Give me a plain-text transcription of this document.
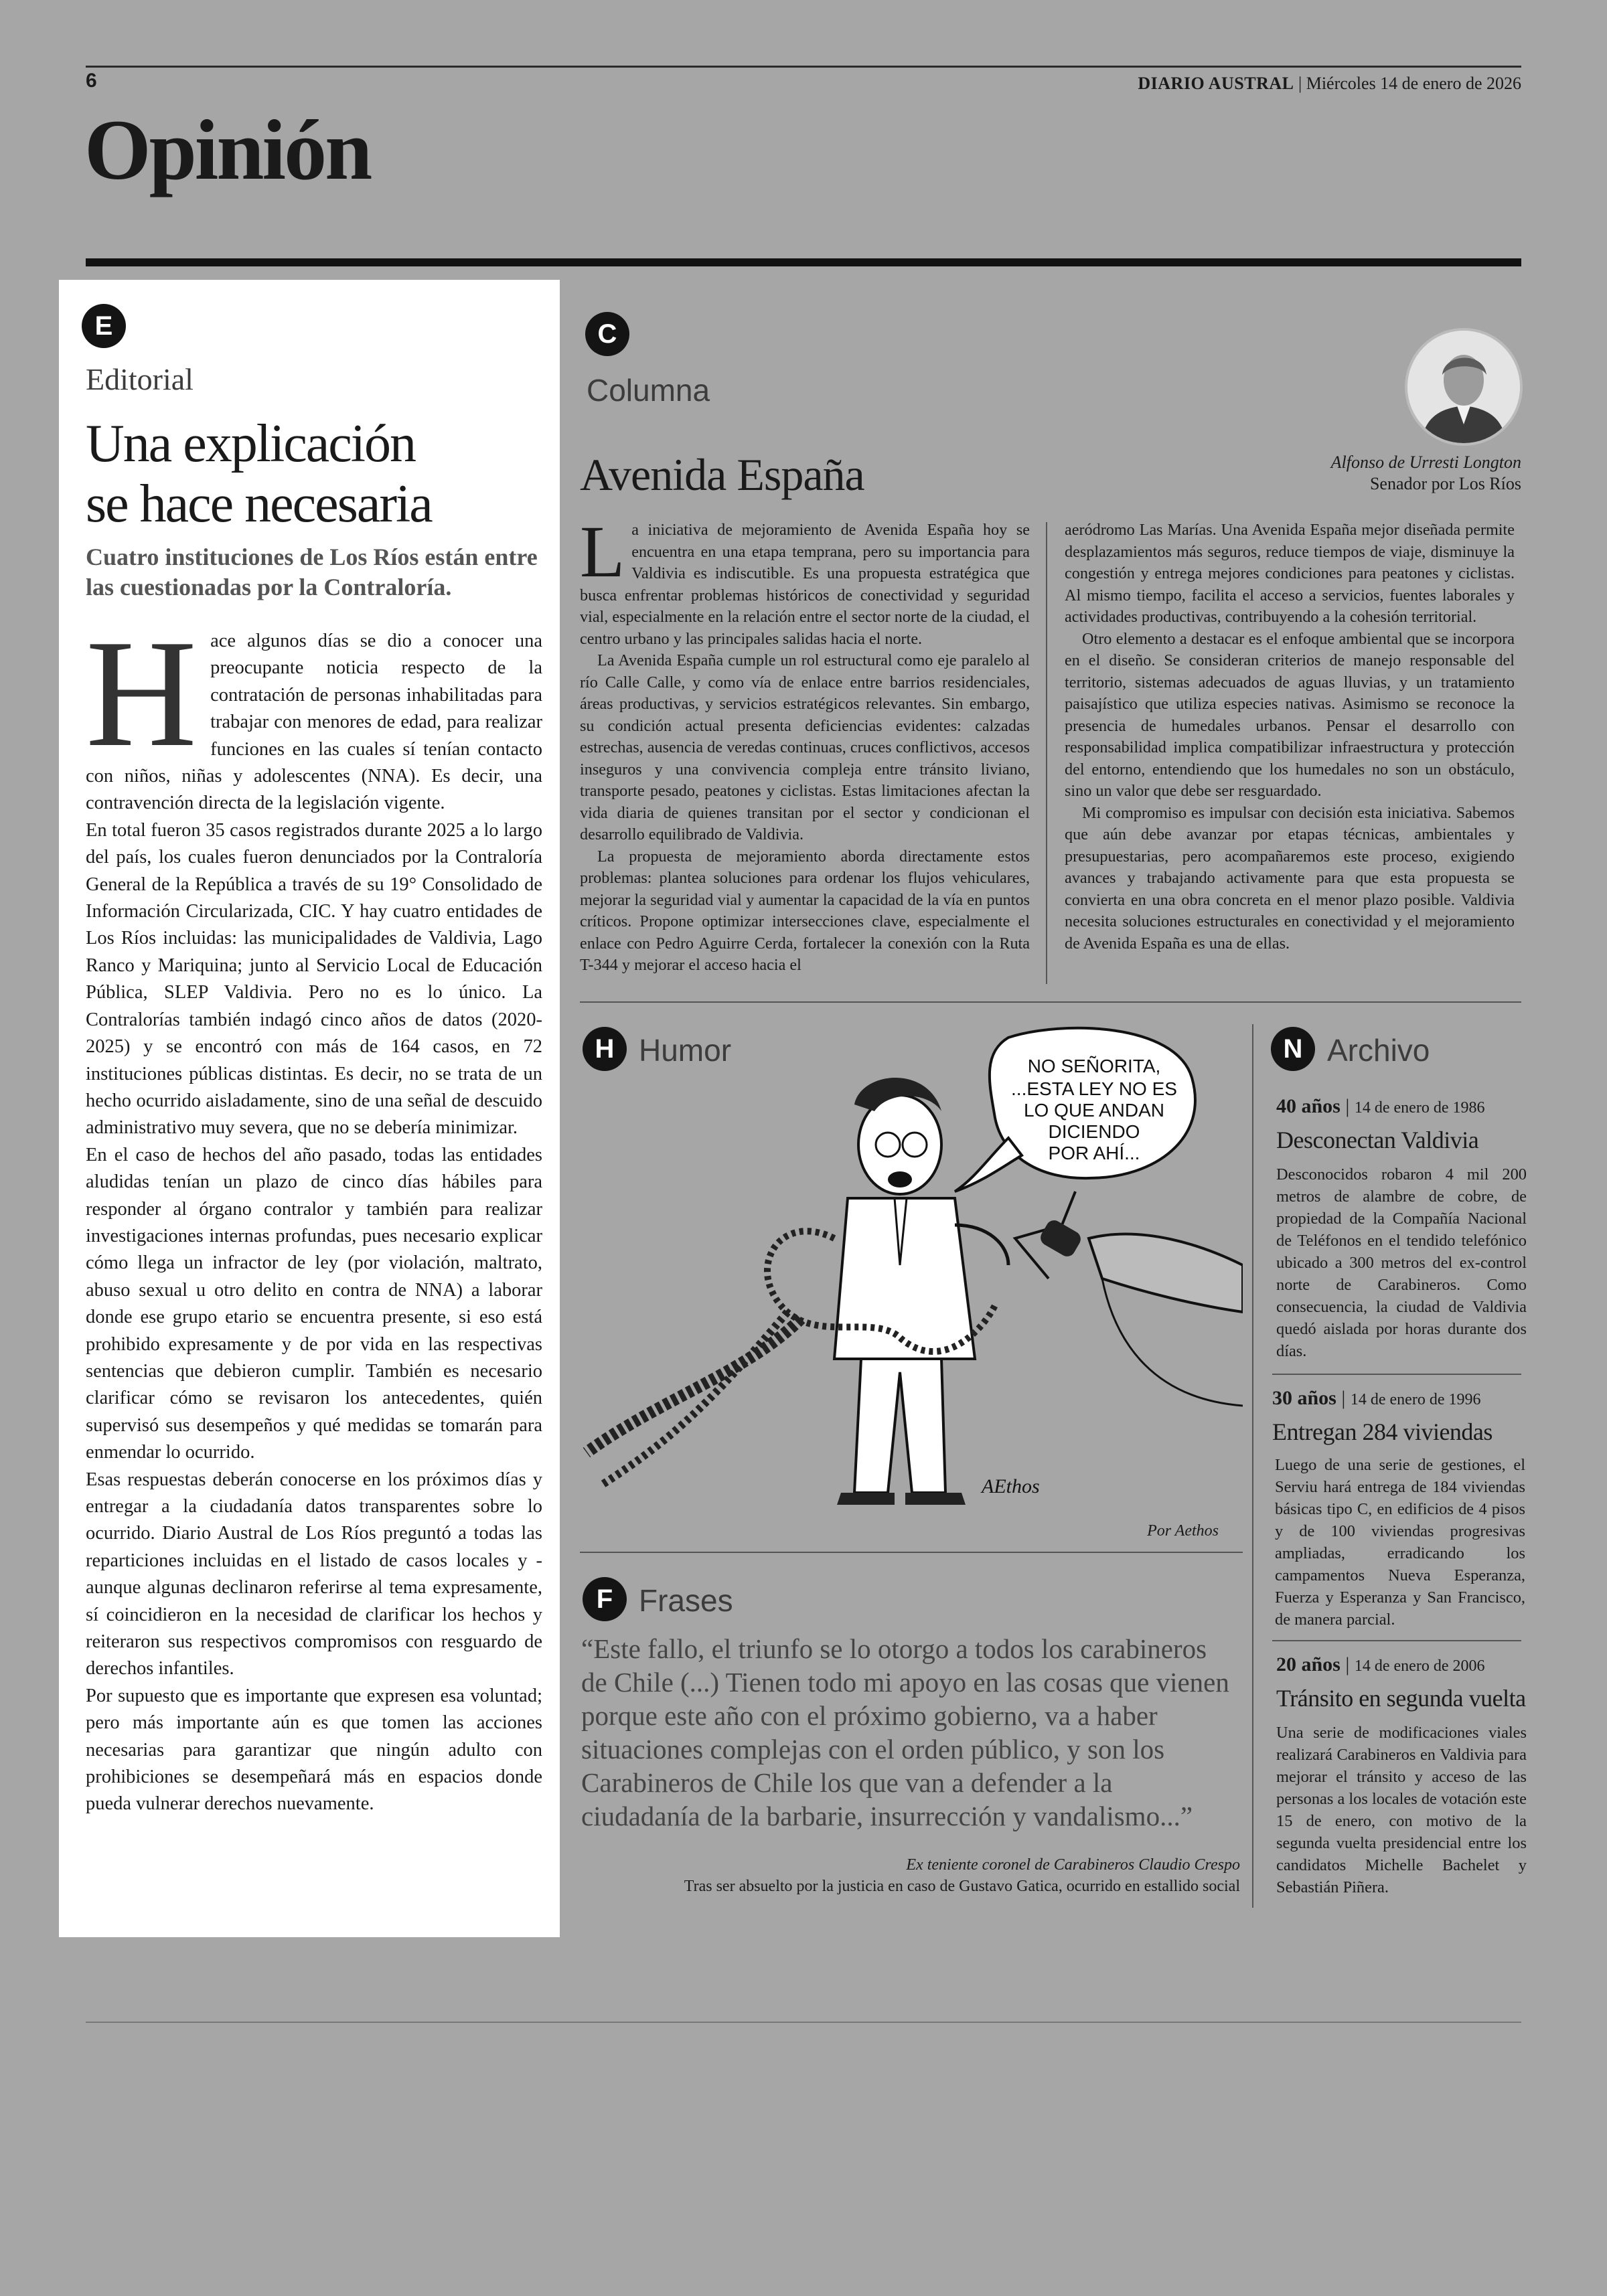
6	DIARIO AUSTRAL | Miércoles 14 de enero de 2026
Opinión
E
Editorial
Una explicación
se hace necesaria
Cuatro instituciones de Los Ríos están entre las cuestionadas por la Contraloría.

Hace algunos días se dio a conocer una preocupante noticia respecto de la contratación de personas inhabilitadas para trabajar con menores de edad, para realizar funciones en las cuales sí tenían contacto con niños, niñas y adolescentes (NNA). Es decir, una contravención directa de la legislación vigente.

En total fueron 35 casos registrados durante 2025 a lo largo del país, los cuales fueron denunciados por la Contraloría General de la República a través de su 19° Consolidado de Información Circularizada, CIC. Y hay cuatro entidades de Los Ríos incluidas: las municipalidades de Valdivia, Lago Ranco y Mariquina; junto al Servicio Local de Educación Pública, SLEP Valdivia. Pero no es lo único. La Contralorías también indagó cinco años de datos (2020-2025) y se encontró con más de 164 casos, en 72 instituciones públicas distintas. Es decir, no se trata de un hecho ocurrido aisladamente, sino de una señal de descuido administrativo muy severa, que no se debería minimizar.

En el caso de hechos del año pasado, todas las entidades aludidas tenían un plazo de cinco días hábiles para responder al órgano contralor y también para realizar investigaciones internas profundas, pues necesario explicar cómo llega un infractor de ley (por violación, maltrato, abuso sexual u otro delito en contra de NNA) a laborar donde ese grupo etario se encuentra presente, si eso está prohibido expresamente y de por vida en las respectivas sentencias que debieron cumplir. También es necesario clarificar cómo se revisaron los antecedentes, quién supervisó sus desempeños y qué medidas se tomarán para enmendar lo ocurrido.

Esas respuestas deberán conocerse en los próximos días y entregar a la ciudadanía datos transparentes sobre lo ocurrido. Diario Austral de Los Ríos preguntó a todas las reparticiones incluidas en el listado de casos locales y -aunque algunas declinaron referirse al tema expresamente, sí coincidieron en la necesidad de clarificar los hechos y reiteraron sus respectivos compromisos con resguardo de derechos infantiles.

Por supuesto que es importante que expresen esa voluntad; pero más importante aún es que tomen las acciones necesarias para garantizar que ningún adulto con prohibiciones se desempeñará más en espacios donde pueda vulnerar derechos nuevamente.

C
Columna
Avenida España	Alfonso de Urresti Longton
Senador por Los Ríos

La iniciativa de mejoramiento de Avenida España hoy se encuentra en una etapa temprana, pero su importancia para Valdivia es indiscutible. Es una propuesta estratégica que busca enfrentar problemas históricos de conectividad y seguridad vial, especialmente en la relación entre el sector norte de la ciudad, el centro urbano y las principales salidas hacia el norte.

La Avenida España cumple un rol estructural como eje paralelo al río Calle Calle, y como vía de enlace entre barrios residenciales, áreas productivas, y servicios estratégicos relevantes. Sin embargo, su condición actual presenta deficiencias evidentes: calzadas estrechas, ausencia de veredas continuas, cruces conflictivos, accesos inseguros y una convivencia compleja entre tránsito liviano, transporte pesado, peatones y ciclistas. Estas limitaciones afectan la vida diaria de quienes transitan por el sector y condicionan el desarrollo equilibrado de Valdivia.

La propuesta de mejoramiento aborda directamente estos problemas: plantea soluciones para ordenar los flujos vehiculares, mejorar la seguridad vial y aumentar la capacidad de la vía en puntos críticos. Propone optimizar intersecciones clave, especialmente el enlace con Pedro Aguirre Cerda, fortalecer la conexión con la Ruta T-344 y mejorar el acceso hacia el

aeródromo Las Marías. Una Avenida España mejor diseñada permite desplazamientos más seguros, reduce tiempos de viaje, disminuye la congestión y entrega mejores condiciones para peatones y ciclistas. Al mismo tiempo, facilita el acceso a servicios, fuentes laborales y actividades productivas, contribuyendo a la cohesión territorial.

Otro elemento a destacar es el enfoque ambiental que se incorpora en el diseño. Se consideran criterios de manejo responsable del territorio, sistemas adecuados de aguas lluvias, y un tratamiento paisajístico que utiliza especies nativas. Asimismo se reconoce la presencia de humedales urbanos. Pensar el desarrollo con responsabilidad implica compatibilizar infraestructura y protección del entorno, entendiendo que los humedales no son un obstáculo, sino un valor que debe ser resguardado.

Mi compromiso es impulsar con decisión esta iniciativa. Sabemos que aún debe avanzar por etapas técnicas, ambientales y presupuestarias, pero acompañaremos este proceso, exigiendo avances y trabajando activamente para que esta propuesta se convierta en una obra concreta en el menor plazo posible. Valdivia necesita soluciones estructurales en conectividad y el mejoramiento de Avenida España es una de ellas.

H Humor	NO SEÑORITA,
...ESTA LEY NO ES
LO QUE ANDAN
DICIENDO
POR AHÍ...
AEthos
Por Aethos
F Frases
“Este fallo, el triunfo se lo otorgo a todos los carabineros de Chile (...) Tienen todo mi apoyo en las cosas que vienen porque este año con el próximo gobierno, va a haber situaciones complejas con el orden público, y son los Carabineros de Chile los que van a defender a la ciudadanía de la barbarie, insurrección y vandalismo...”
Ex teniente coronel de Carabineros Claudio Crespo
Tras ser absuelto por la justicia en caso de Gustavo Gatica, ocurrido en estallido social
N Archivo
40 años | 14 de enero de 1986
Desconectan Valdivia
Desconocidos robaron 4 mil 200 metros de alambre de cobre, de propiedad de la Compañía Nacional de Teléfonos en el tendido telefónico ubicado a 300 metros del ex-control norte de Carabineros. Como consecuencia, la ciudad de Valdivia quedó aislada por horas durante dos días.
30 años | 14 de enero de 1996
Entregan 284 viviendas
Luego de una serie de gestiones, el Serviu hará entrega de 184 viviendas básicas tipo C, en edificios de 4 pisos y de 100 viviendas progresivas ampliadas, erradicando los campamentos Nueva Esperanza, Fuerza y Esperanza y San Francisco, de manera parcial.
20 años | 14 de enero de 2006
Tránsito en segunda vuelta
Una serie de modificaciones viales realizará Carabineros en Valdivia para mejorar el tránsito y acceso de las personas a los locales de votación este 15 de enero, con motivo de la segunda vuelta presidencial entre los candidatos Michelle Bachelet y Sebastián Piñera.
